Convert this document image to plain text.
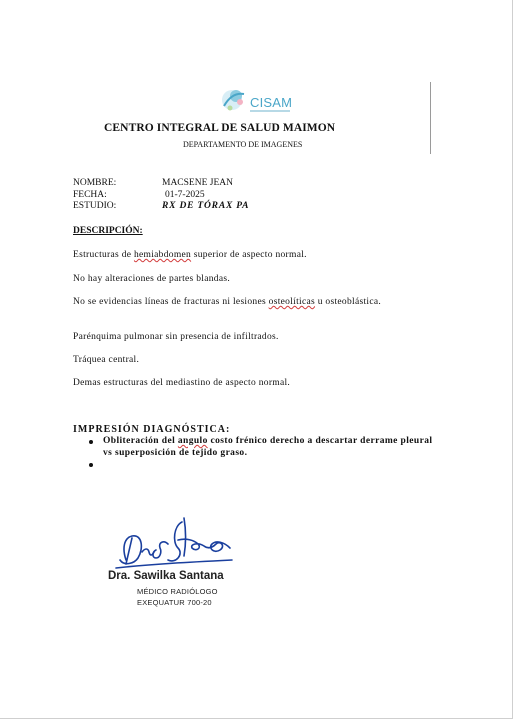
CISAM
CENTRO INTEGRAL DE SALUD MAIMON
DEPARTAMENTO DE IMAGENES
NOMBRE:	MACSENE JEAN
FECHA:	01-7-2025
ESTUDIO:	RX DE TÓRAX PA
DESCRIPCIÓN:
Estructuras de hemiabdomen superior de aspecto normal.
No hay alteraciones de partes blandas.
No se evidencias líneas de fracturas ni lesiones osteolíticas u osteoblástica.
Parénquima pulmonar sin presencia de infiltrados.
Tráquea central.
Demas estructuras del mediastino de aspecto normal.
IMPRESIÓN DIAGNÓSTICA:
Obliteración del angulo costo frénico derecho a descartar derrame pleural vs superposición de tejido graso.
Dra. Sawilka Santana
MÉDICO RADIÓLOGO
EXEQUATUR 700-20
